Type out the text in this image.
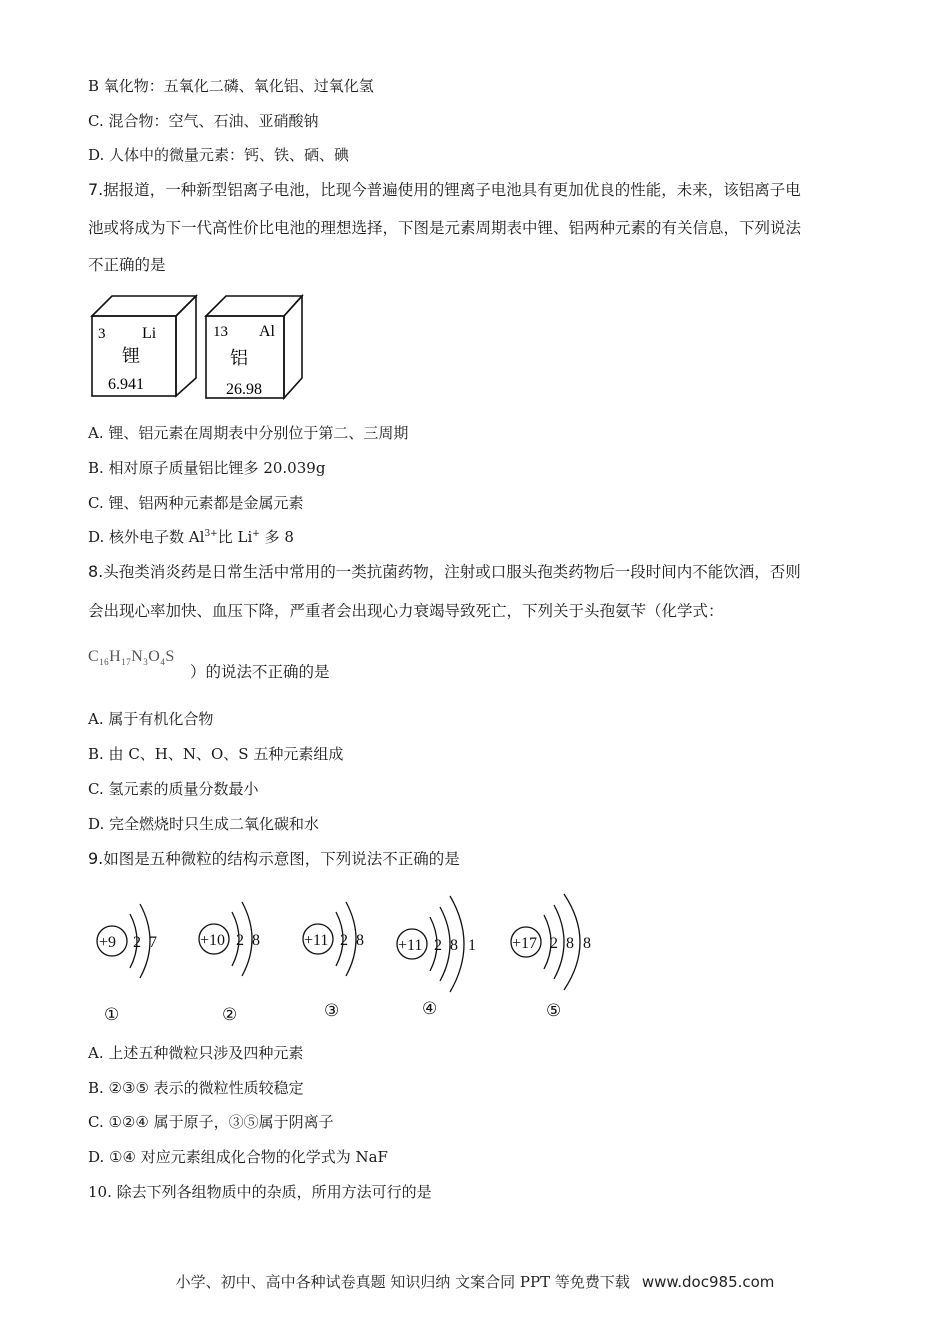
B 氧化物：五氧化二磷、氧化铝、过氧化氢
C. 混合物：空气、石油、亚硝酸钠
D. 人体中的微量元素：钙、铁、硒、碘
7.据报道，一种新型铝离子电池，比现今普遍使用的锂离子电池具有更加优良的性能，未来，该铝离子电
池或将成为下一代高性价比电池的理想选择，下图是元素周期表中锂、铝两种元素的有关信息，下列说法
不正确的是
3 Li
锂
6.941
13 Al
铝
26.98
A. 锂、铝元素在周期表中分别位于第二、三周期
B. 相对原子质量铝比锂多 20.039g
C. 锂、铝两种元素都是金属元素
D. 核外电子数 $Al^{3+}$比 Li+ 多 8
8.头孢类消炎药是日常生活中常用的一类抗菌药物，注射或口服头孢类药物后一段时间内不能饮酒，否则
会出现心率加快、血压下降，严重者会出现心力衰竭导致死亡，下列关于头孢氨苄（化学式：
$C_{16}H_{17}N_3O_4S$
）的说法不正确的是
A. 属于有机化合物
B. 由 C、H、N、O、S 五种元素组成
C. 氢元素的质量分数最小
D. 完全燃烧时只生成二氧化碳和水
9.如图是五种微粒的结构示意图，下列说法不正确的是
+9 2 7
①
+10 2 8
②
+11 2 8
③
+11 2 8 1
④
+17 2 8 8
⑤
A. 上述五种微粒只涉及四种元素
B. ②③⑤ 表示的微粒性质较稳定
C. ①②④ 属于原子，③⑤属于阴离子
D. ①④ 对应元素组成化合物的化学式为 NaF
10. 除去下列各组物质中的杂质，所用方法可行的是
小学、初中、高中各种试卷真题 知识归纳 文案合同 PPT 等免费下载 www.doc985.com
